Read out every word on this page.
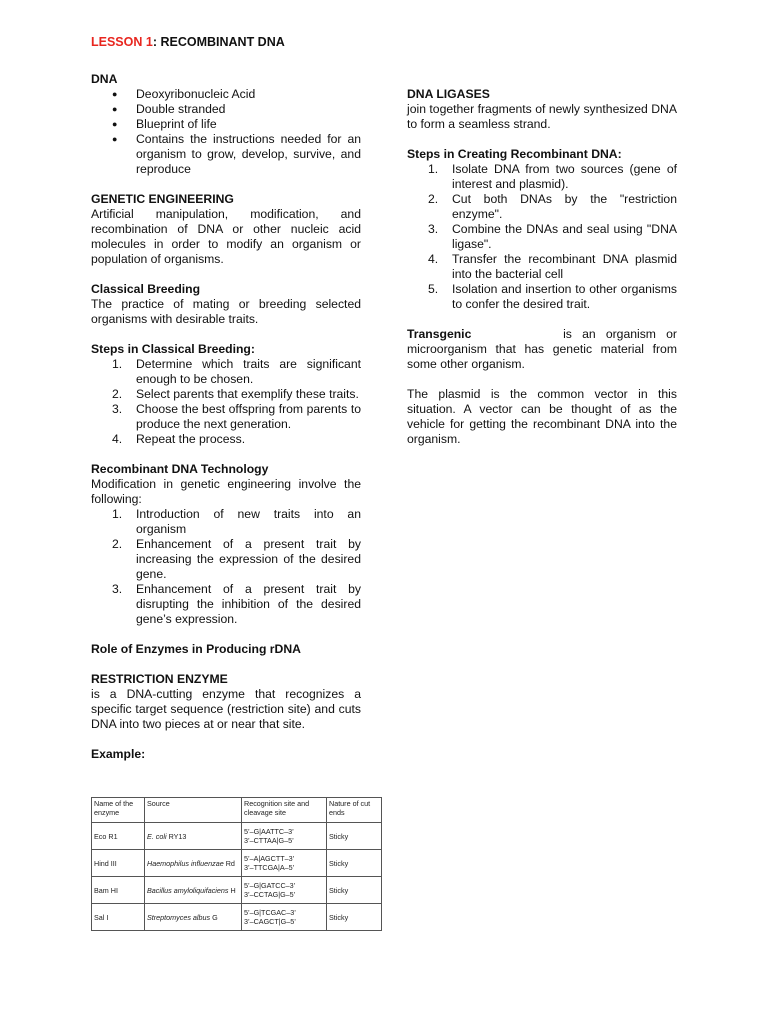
LESSON 1: RECOMBINANT DNA

DNA

● Deoxyribonucleic Acid
● Double stranded
● Blueprint of life
● Contains the instructions needed for an organism to grow, develop, survive, and reproduce

GENETIC ENGINEERING

Artificial manipulation, modification, and recombination of DNA or other nucleic acid molecules in order to modify an organism or population of organisms.

Classical Breeding

The practice of mating or breeding selected organisms with desirable traits.

Steps in Classical Breeding:

1. Determine which traits are significant enough to be chosen.
2. Select parents that exemplify these traits.
3. Choose the best offspring from parents to produce the next generation.
4. Repeat the process.

Recombinant DNA Technology

Modification in genetic engineering involve the following:

1. Introduction of new traits into an organism
2. Enhancement of a present trait by increasing the expression of the desired gene.
3. Enhancement of a present trait by disrupting the inhibition of the desired gene’s expression.

Role of Enzymes in Producing rDNA

RESTRICTION ENZYME

is a DNA-cutting enzyme that recognizes a specific target sequence (restriction site) and cuts DNA into two pieces at or near that site.

Example:

DNA LIGASES

join together fragments of newly synthesized DNA to form a seamless strand.

Steps in Creating Recombinant DNA:

1. Isolate DNA from two sources (gene of interest and plasmid).
2. Cut both DNAs by the "restriction enzyme".
3. Combine the DNAs and seal using "DNA ligase".
4. Transfer the recombinant DNA plasmid into the bacterial cell
5. Isolation and insertion to other organisms to confer the desired trait.

Transgenic	is an organism or microorganism that has genetic material from some other organism.

The plasmid is the common vector in this situation. A vector can be thought of as the vehicle for getting the recombinant DNA into the organism.

Name of the enzyme	Source	Recognition site and cleavage site	Nature of cut ends
Eco R1	E. coli RY13	5’–G|AATTC–3’
3’–CTTAA|G–5’	Sticky
Hind III	Haemophilus influenzae Rd	5’–A|AGCTT–3’
3’–TTCGA|A–5’	Sticky
Bam HI	Bacillus amyloliquifaciens H	5’–G|GATCC–3’
3’–CCTAG|G–5’	Sticky
Sal I	Streptomyces albus G	5’–G|TCGAC–3’
3’–CAGCT|G–5’	Sticky
